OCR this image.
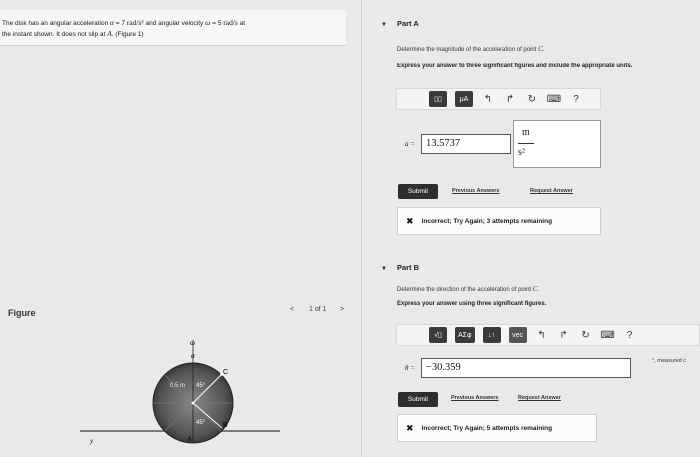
The disk has an angular acceleration α = 7 rad/s² and angular velocity ω = 5 rad/s at
the instant shown. It does not slip at A. (Figure 1)
Figure	< 1 of 1 >
ω
α
C
B
A
45°
45°
0.5 m
y
▼ Part A
Determine the magnitude of the acceleration of point C.
Express your answer to three significant figures and include the appropriate units.
▯▯	μA	↰ ↱ ↻ ⌨	?
a =	13.5737
m
s²
Submit	Previous Answers	Request Answer
✖ Incorrect; Try Again; 3 attempts remaining
▼ Part B
Determine the direction of the acceleration of point C.
Express your answer using three significant figures.
√▯	ΑΣφ	↓↑	vec	↰ ↱ ↻ ⌨	?
θ =	−30.359
°, measured c
Submit	Previous Answers	Request Answer
✖ Incorrect; Try Again; 5 attempts remaining
